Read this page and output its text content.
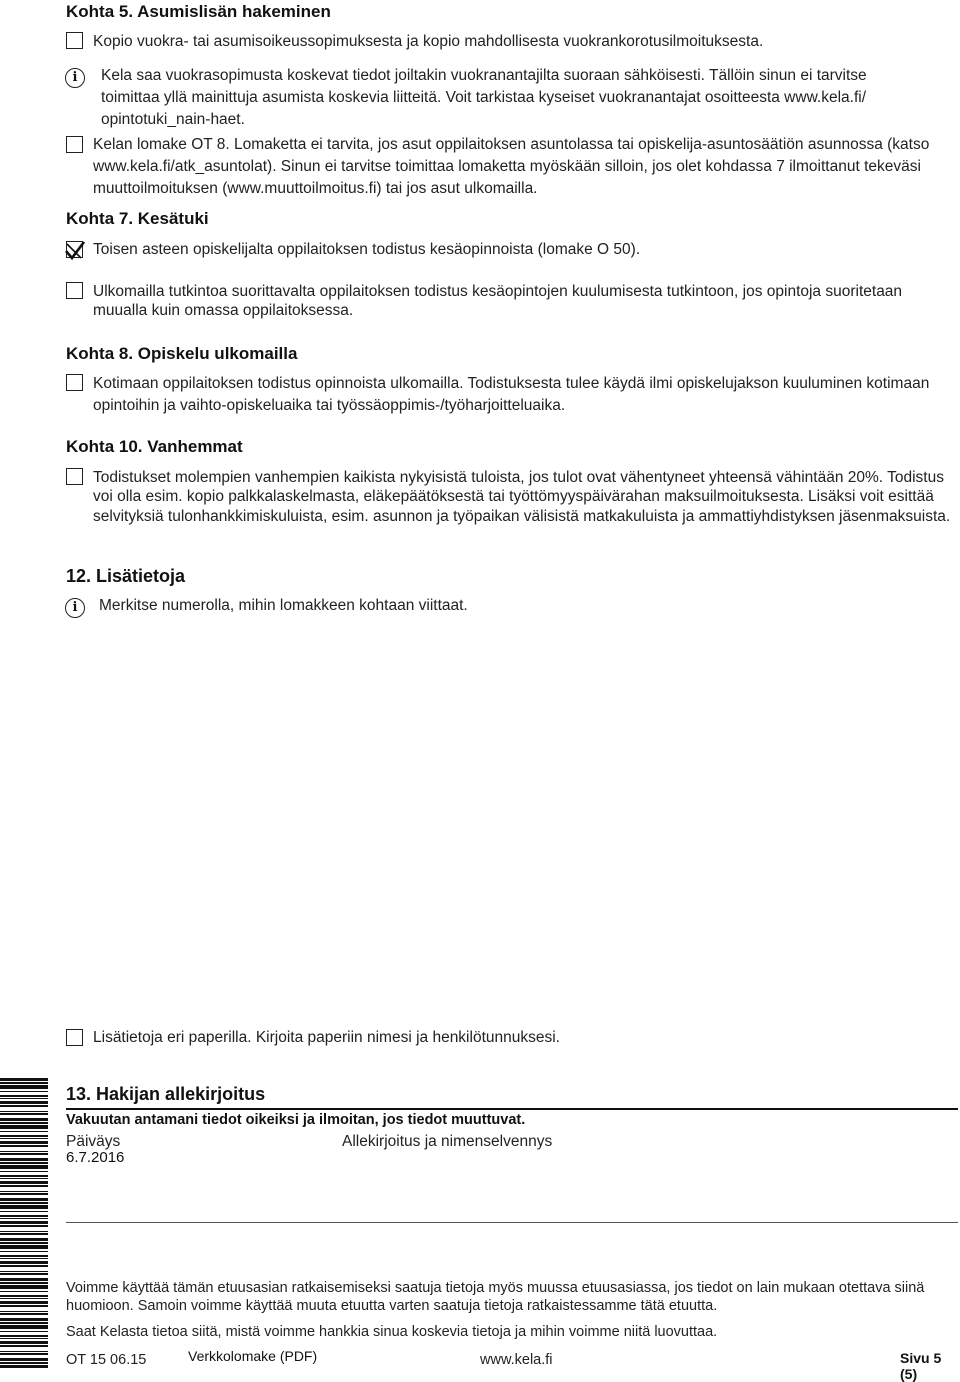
Kohta 5. Asumislisän hakeminen
Kopio vuokra- tai asumisoikeussopimuksesta ja kopio mahdollisesta vuokrankorotusilmoituksesta.
i	Kela saa vuokrasopimusta koskevat tiedot joiltakin vuokranantajilta suoraan sähköisesti. Tällöin sinun ei tarvitse
toimittaa yllä mainittuja asumista koskevia liitteitä. Voit tarkistaa kyseiset vuokranantajat osoitteesta www.kela.fi/
opintotuki_nain-haet.
Kelan lomake OT 8. Lomaketta ei tarvita, jos asut oppilaitoksen asuntolassa tai opiskelija-asuntosäätiön asunnossa (katso
www.kela.fi/atk_asuntolat). Sinun ei tarvitse toimittaa lomaketta myöskään silloin, jos olet kohdassa 7 ilmoittanut tekeväsi
muuttoilmoituksen (www.muuttoilmoitus.fi) tai jos asut ulkomailla.
Kohta 7. Kesätuki
Toisen asteen opiskelijalta oppilaitoksen todistus kesäopinnoista (lomake O 50).
Ulkomailla tutkintoa suorittavalta oppilaitoksen todistus kesäopintojen kuulumisesta tutkintoon, jos opintoja suoritetaan
muualla kuin omassa oppilaitoksessa.
Kohta 8. Opiskelu ulkomailla
Kotimaan oppilaitoksen todistus opinnoista ulkomailla. Todistuksesta tulee käydä ilmi opiskelujakson kuuluminen kotimaan
opintoihin ja vaihto-opiskeluaika tai työssäoppimis-/työharjoitteluaika.
Kohta 10. Vanhemmat
Todistukset molempien vanhempien kaikista nykyisistä tuloista, jos tulot ovat vähentyneet yhteensä vähintään 20%. Todistus
voi olla esim. kopio palkkalaskelmasta, eläkepäätöksestä tai työttömyyspäivärahan maksuilmoituksesta. Lisäksi voit esittää
selvityksiä tulonhankkimiskuluista, esim. asunnon ja työpaikan välisistä matkakuluista ja ammattiyhdistyksen jäsenmaksuista.
12. Lisätietoja
i	Merkitse numerolla, mihin lomakkeen kohtaan viittaat.
Lisätietoja eri paperilla. Kirjoita paperiin nimesi ja henkilötunnuksesi.
13. Hakijan allekirjoitus
Vakuutan antamani tiedot oikeiksi ja ilmoitan, jos tiedot muuttuvat.
Päiväys
6.7.2016
Allekirjoitus ja nimenselvennys
Voimme käyttää tämän etuusasian ratkaisemiseksi saatuja tietoja myös muussa etuusasiassa, jos tiedot on lain mukaan otettava siinä
huomioon. Samoin voimme käyttää muuta etuutta varten saatuja tietoja ratkaistessamme tätä etuutta.
Saat Kelasta tietoa siitä, mistä voimme hankkia sinua koskevia tietoja ja mihin voimme niitä luovuttaa.
OT 15 06.15	Verkkolomake (PDF)	www.kela.fi	Sivu 5 (5)
